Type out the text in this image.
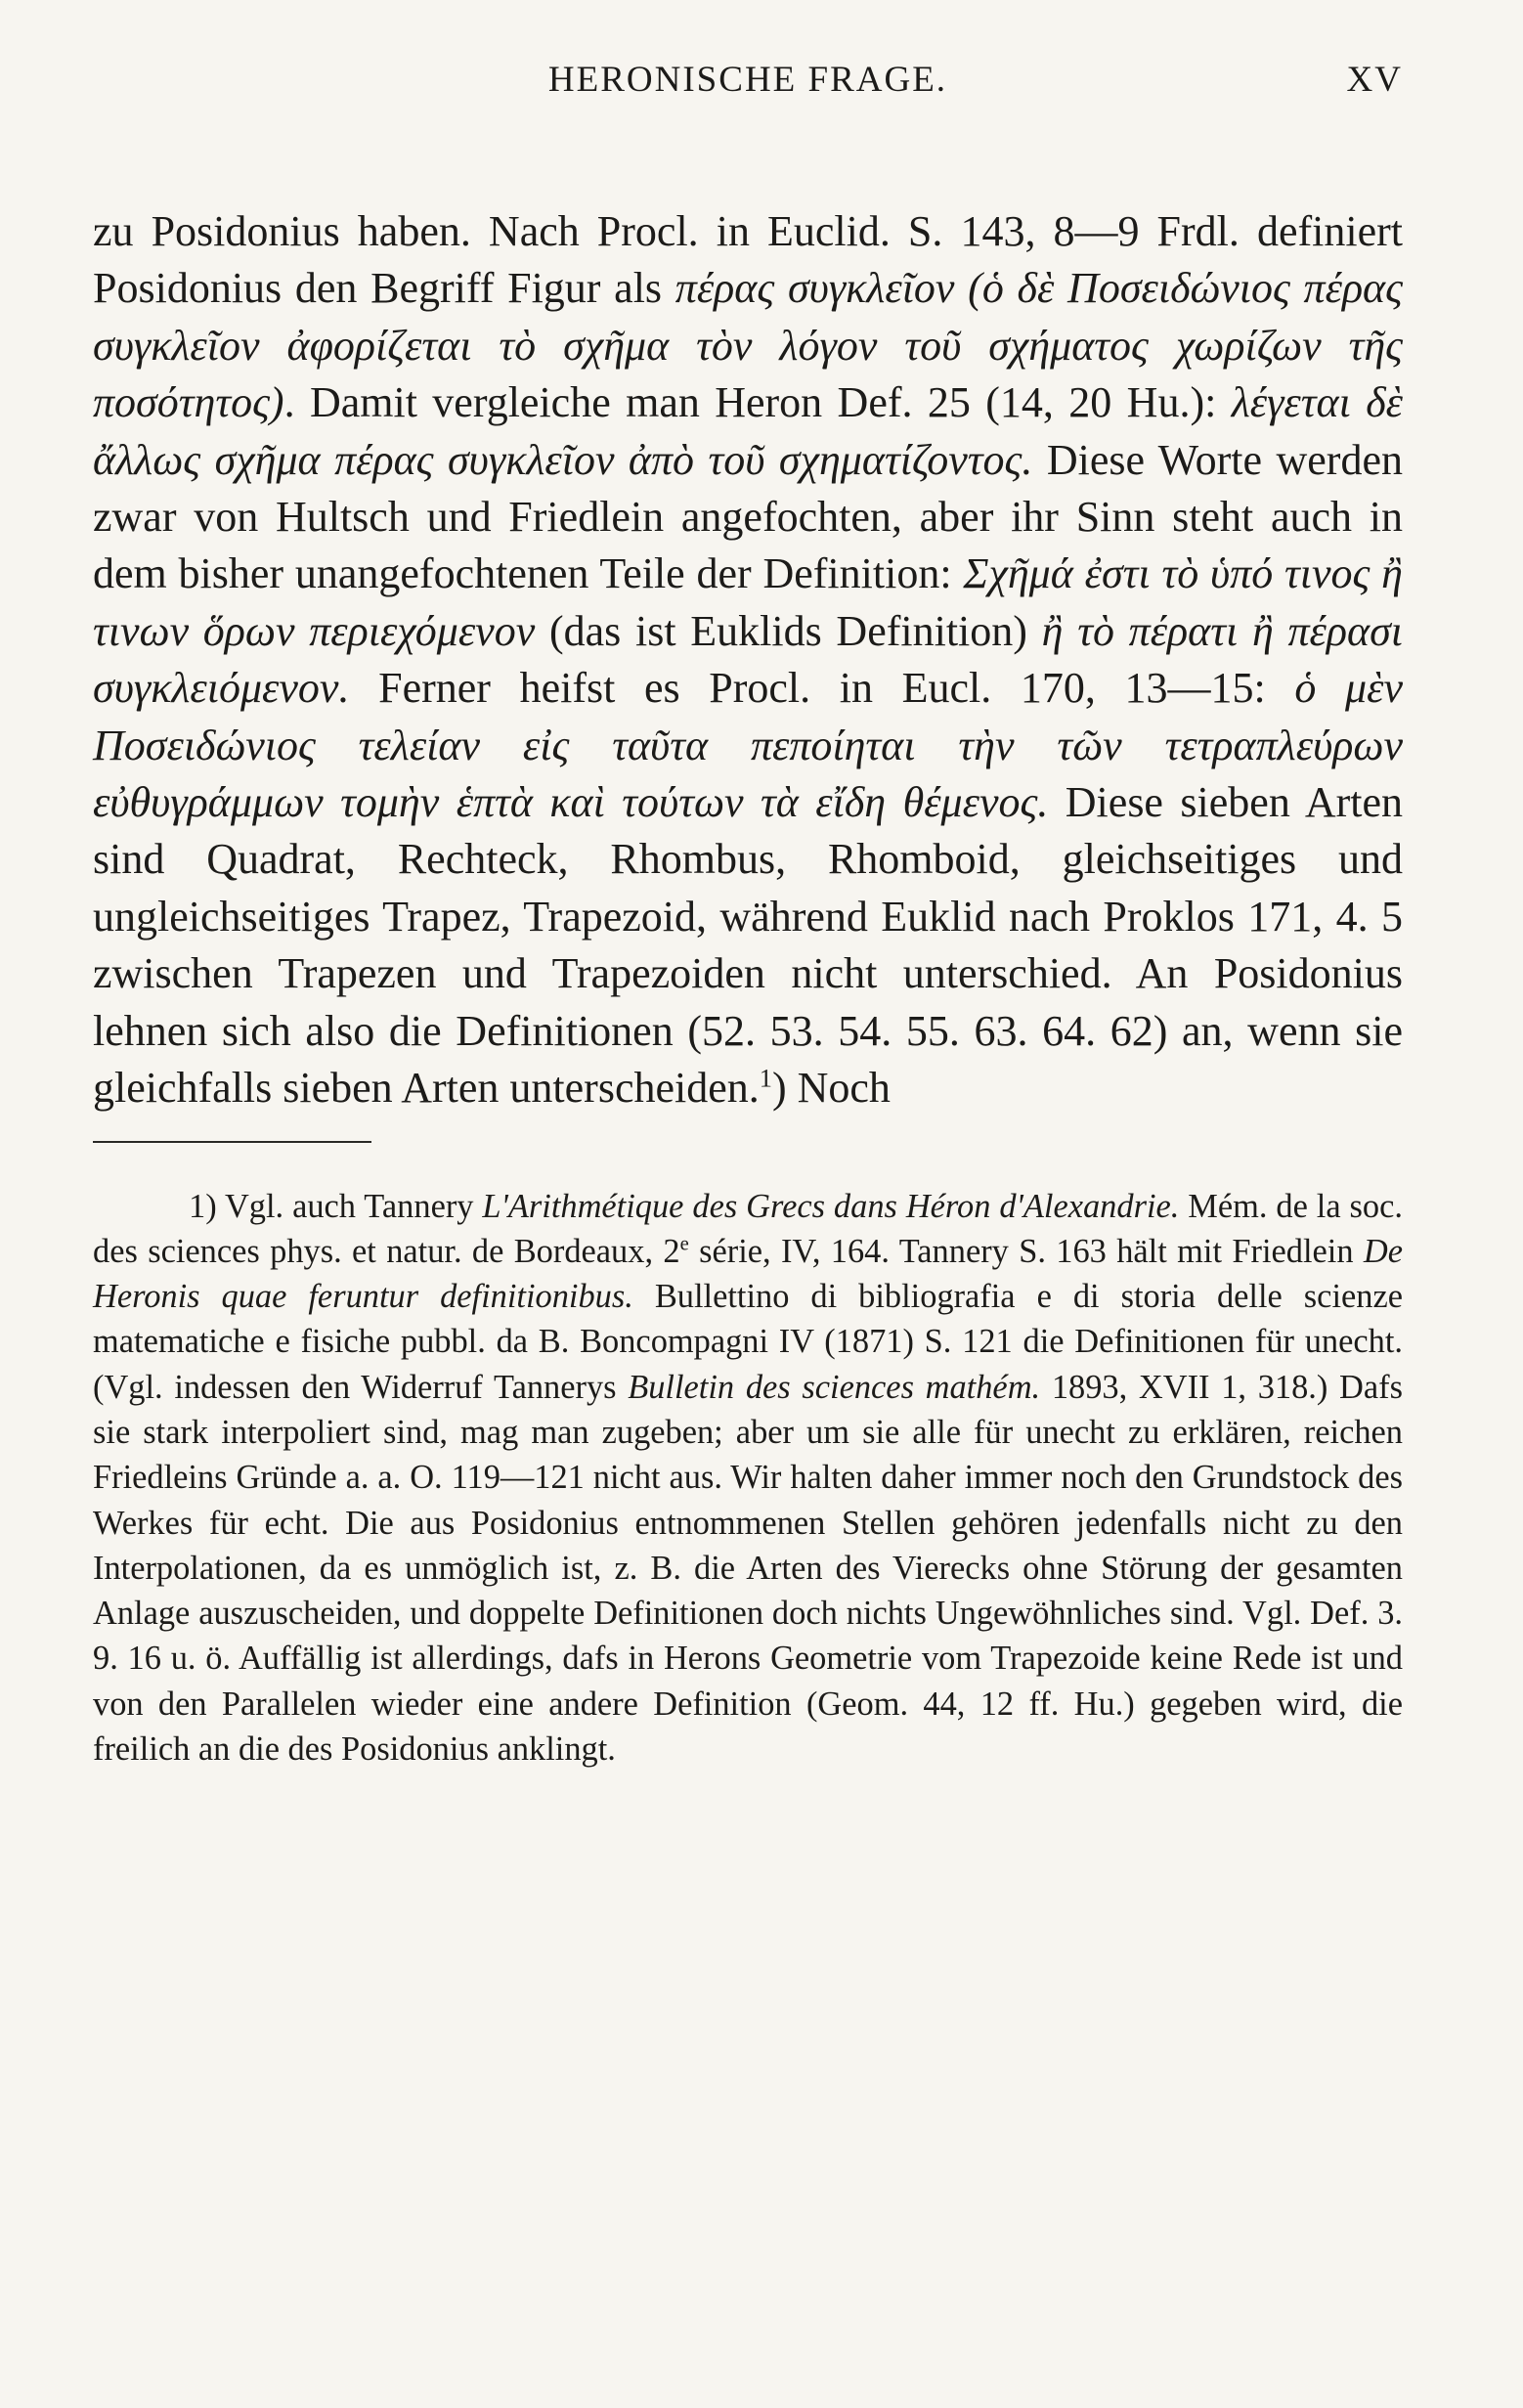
HERONISCHE FRAGE.	XV

zu Posidonius haben. Nach Procl. in Euclid. S. 143, 8—9 Frdl. definiert Posidonius den Begriff Figur als πέρας συγκλεῖον (ὁ δὲ Ποσειδώνιος πέρας συγκλεῖον ἀφορίζεται τὸ σχῆμα τὸν λόγον τοῦ σχήματος χωρίζων τῆς ποσότητος). Damit vergleiche man Heron Def. 25 (14, 20 Hu.): λέγεται δὲ ἄλλως σχῆμα πέρας συγκλεῖον ἀπὸ τοῦ σχηματίζοντος. Diese Worte werden zwar von Hultsch und Friedlein angefochten, aber ihr Sinn steht auch in dem bisher unangefochtenen Teile der Definition: Σχῆμά ἐστι τὸ ὑπό τινος ἢ τινων ὅρων περιεχόμενον (das ist Euklids Definition) ἢ τὸ πέρατι ἢ πέρασι συγκλειόμενον. Ferner heifst es Procl. in Eucl. 170, 13—15: ὁ μὲν Ποσειδώνιος τελείαν εἰς ταῦτα πεποίηται τὴν τῶν τετραπλεύρων εὐθυγράμμων τομὴν ἑπτὰ καὶ τούτων τὰ εἴδη θέμενος. Diese sieben Arten sind Quadrat, Rechteck, Rhombus, Rhomboid, gleichseitiges und ungleichseitiges Trapez, Trapezoid, während Euklid nach Proklos 171, 4. 5 zwischen Trapezen und Trapezoiden nicht unterschied. An Posidonius lehnen sich also die Definitionen (52. 53. 54. 55. 63. 64. 62) an, wenn sie gleichfalls sieben Arten unterscheiden.$^1$) Noch

1) Vgl. auch Tannery L'Arithmétique des Grecs dans Héron d'Alexandrie. Mém. de la soc. des sciences phys. et natur. de Bordeaux, 2e série, IV, 164. Tannery S. 163 hält mit Friedlein De Heronis quae feruntur definitionibus. Bullettino di bibliografia e di storia delle scienze matematiche e fisiche pubbl. da B. Boncompagni IV (1871) S. 121 die Definitionen für unecht. (Vgl. indessen den Widerruf Tannerys Bulletin des sciences mathém. 1893, XVII 1, 318.) Dafs sie stark interpoliert sind, mag man zugeben; aber um sie alle für unecht zu erklären, reichen Friedleins Gründe a. a. O. 119—121 nicht aus. Wir halten daher immer noch den Grundstock des Werkes für echt. Die aus Posidonius entnommenen Stellen gehören jedenfalls nicht zu den Interpolationen, da es unmöglich ist, z. B. die Arten des Vierecks ohne Störung der gesamten Anlage auszuscheiden, und doppelte Definitionen doch nichts Ungewöhnliches sind. Vgl. Def. 3. 9. 16 u. ö. Auffällig ist allerdings, dafs in Herons Geometrie vom Trapezoide keine Rede ist und von den Parallelen wieder eine andere Definition (Geom. 44, 12 ff. Hu.) gegeben wird, die freilich an die des Posidonius anklingt.
